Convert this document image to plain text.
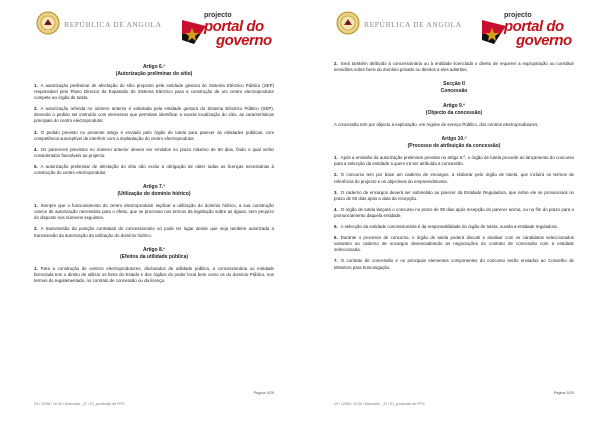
REPÚBLICA DE ANGOLA
projecto
portal do
governo
Artigo 6.º
(Autorização preliminar do sítio)
1. A autorização preliminar de afectação do sítio proposto pela entidade gestora do Sistema Eléctrico Público (SEP) responsável pelo Plano Director de Expansão do Sistema Eléctrico para a construção de um centro electroprodutor compete ao órgão de tutela.
2. A autorização referida no número anterior é solicitada pela entidade gestora do Sistema Eléctrico Público (SEP), devendo o pedido ser instruído com elementos que permitam identificar a exacta localização do sítio, as características principais do centro electroprodutor.
3. O pedido previsto no presente artigo é enviado pelo órgão de tutela para parecer às entidades públicas, com competência susceptível de interferir com a implantação do centro electroprodutor.
4. Os pareceres previstos no número anterior devem ser emitidos no prazo máximo de 60 dias, findo o qual serão considerados favoráveis ao projecto.
5. A autorização preliminar de afectação do sítio não exclui a obrigação de obter todas as licenças necessárias à construção do centro electroprodutor.
Artigo 7.º
(Utilização do domínio hídrico)
1. Sempre que o funcionamento do centro electroprodutor implicar a utilização do domínio hídrico, a sua construção carece de autorização necessária para o efeito, que se processa nos termos da legislação sobre as águas, sem prejuízo do disposto nos números seguintes.
2. A transmissão da posição contratual do concessionário só pode ter lugar desde que seja também autorizada a transmissão da autorização da utilização do domínio hídrico.
Artigo 8.º
(Efeitos da utilidade pública)
1. Para a construção de centros electroprodutores, declarados de utilidade pública, a concessionária ou entidade licenciada tem o direito de utilizar os bens do Estado e dos órgãos do poder local bem como os do domínio Público, nos termos do regulamentado, no contrato de concessão ou da licença.
Página 4/29
29 / 12/08 / 10:35 / A/decreto _47 / 01_produção de PPG
REPÚBLICA DE ANGOLA
projecto
portal do
governo
2. Será também atribuído à concessionária ou à entidade licenciada o direito de requerer a expropriação ou constituir servidões sobre bens do domínio privado ou direitos a eles adstritos.
Secção II
Concessão
Artigo 9.º
(Objecto da concessão)
A concessão tem por objecto a exploração, em regime de serviço Público, dos centros electroprodutores.
Artigo 10.º
(Processo de atribuição da concessão)
1. Após a emissão da autorização preliminar prevista no artigo 6.º, o órgão de tutela procede ao lançamento do concurso para a selecção da entidade a quem irá ser atribuída a concessão.
2. O concurso tem por base um caderno de encargos, a elaborar pelo órgão de tutela, que incluirá os termos de referência do projecto e os objectivos do empreendimento.
3. O caderno de encargos deverá ser submetido ao parecer da Entidade Reguladora, que sobre ele se pronunciará no prazo de 60 dias após a data da recepção.
4. O órgão de tutela lançará o concurso no prazo de 90 dias após recepção do parecer acima, ou no fim do prazo para o pronunciamento daquela entidade.
5. A selecção da entidade concessionária é da responsabilidade do órgão de tutela, ouvida a entidade reguladora.
6. Durante o processo de concurso, o órgão de tutela poderá discutir e analisar com os candidatos seleccionados variantes ao caderno de encargos desencadeando as negociações do contrato de concessão com a entidade seleccionada.
7. O contrato de concessão e os principais elementos componentes do concurso serão enviados ao Conselho de Ministros para homologação.
Página 5/29
29 / 12/08 / 10:35 / A/decreto _47 / 01_produção de PPG
